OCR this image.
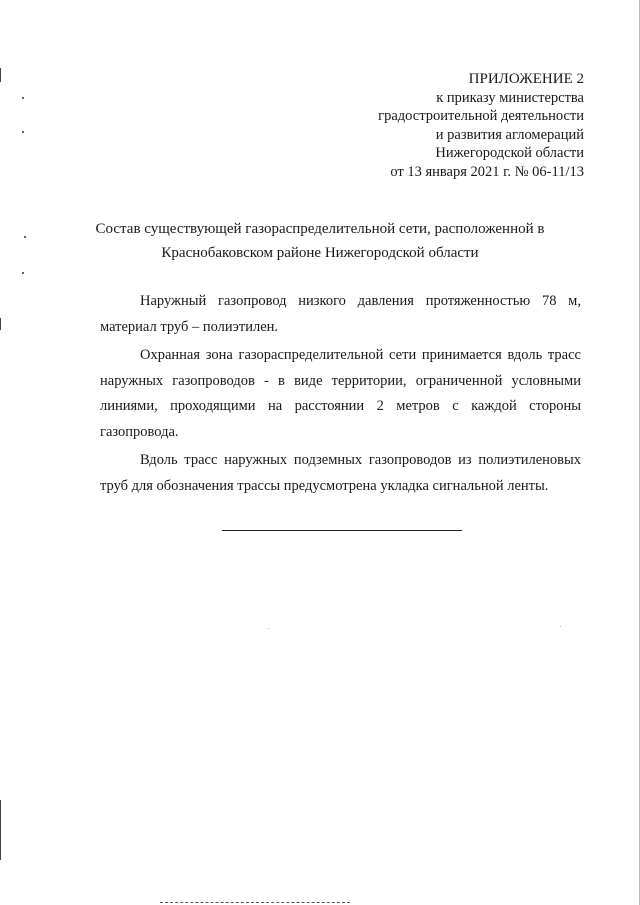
ПРИЛОЖЕНИЕ 2
к приказу министерства
градостроительной деятельности
и развития агломераций
Нижегородской области
от 13 января 2021 г. № 06-11/13
Состав существующей газораспределительной сети, расположенной в
Краснобаковском районе Нижегородской области

Наружный газопровод низкого давления протяженностью 78 м, материал труб – полиэтилен.

Охранная зона газораспределительной сети принимается вдоль трасс наружных газопроводов - в виде территории, ограниченной условными линиями, проходящими на расстоянии 2 метров с каждой стороны газопровода.

Вдоль трасс наружных подземных газопроводов из полиэтиленовых труб для обозначения трассы предусмотрена укладка сигнальной ленты.
